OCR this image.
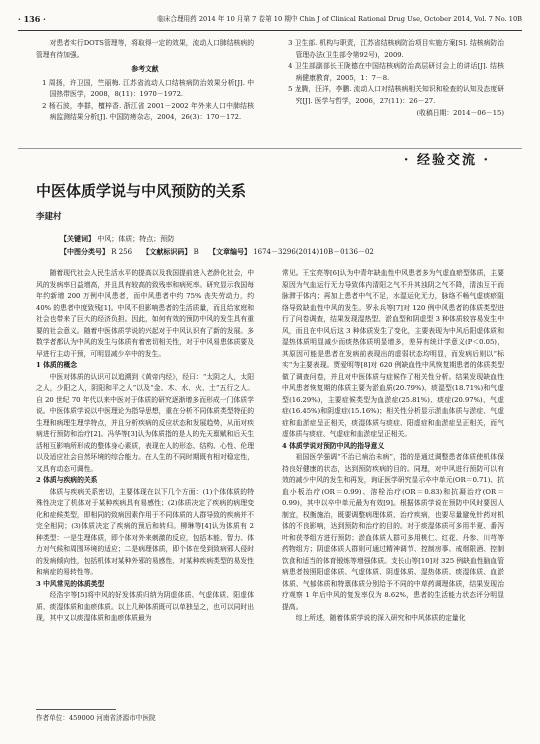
· 136 ·	临床合理用药 2014 年 10 月第 7 卷第 10 期中 Chin J of Clinical Rational Drug Use, October 2014, Vol. 7 No. 10B

对患者实行DOTS管理等，将取得一定的效果，流动人口肺结核病的管理有待加强。

参考文献

1 周扬，许卫国，竺丽梅. 江苏省流动人口结核病防治效果分析[J]. 中国热带医学，2008，8(11)：1970－1972.

2 杨石波，李群，檀梓香. 浙江省 2001－2002 年外来人口中肺结核病监测结果分析[J]. 中国防痨杂志，2004，26(3)：170－172.

3 卫生部. 机构与职责，江苏省结核病防治项目实施方案[S]. 结核病防治管理办法(卫生部令第92号)，2009.

4 卫生部副部长王陇德在中国结核病防治高层研讨会上的讲话[J]. 结核病健康教育，2005，1：7－8.

5 龙腾，汪洋，李鹏. 流动人口对结核病相关知识和检查的认知及态度研究[J]. 医学与哲学，2006，27(11)：26－27.

(收稿日期：2014－06－15)

· 经验交流 ·
中医体质学说与中风预防的关系
李建村
【关键词】 中风；体质；特点；预防
【中图分类号】 R 256 【文献标识码】 B 【文章编号】 1674－3296(2014)10B－0136－02

随着现代社会人民生活水平的提高以及我国提前进入老龄化社会，中风的发病率日益增高，并且具有较高的致残率和病死率。研究显示我国每年约新增 200 万例中风患者，而中风患者中约 75% 丧失劳动力，约 40% 的患者中度致残[1]。中风不但影响患者的生活质量，而且给家庭和社会也带来了巨大的经济负担。因此，如何有效的预防中风的发生具有重要的社会意义。随着中医体质学说的兴起对于中风认识有了新的发展。多数学者都认为中风的发生与体质有着密切相关性，对于中风易患体质要及早进行主动干预，可明显减少卒中的发生。

1 体质的概念

中医对体质的认识可以追溯到《黄帝内经》，经曰：“太阴之人，太阳之人，少阳之人，阴阳和平之人”以及“金、木、水、火、土”五行之人。自 20 世纪 70 年代以来中医对于体质的研究逐渐增多而形成一门体质学说。中医体质学说以中医理论为指导思想，重在分析不同体质类型特征的生理和病理生理学特点，并且分析疾病的反应状态和发展趋势，从而对疾病进行预防和治疗[2]。冯华等[3]认为体质指的是人的先天禀赋和后天生活相互影响所形成的整体身心素质，表现在人的形态、结构、心性、伦理以及适应社会自然环境的综合能力。在人生的不同时期既有相对稳定性，又具有动态可调性。

2 体质与疾病的关系

体质与疾病关系密切，主要体现在以下几个方面：(1)个体体质的特殊性决定了机体对于某种疾病具有易感性；(2)体质决定了疾病的病理变化和症候类型，即相同的致病因素作用于不同体质的人群导致的疾病并不完全相同；(3)体质决定了疾病的预后和转归。柳琳等[4]认为体质有 2 种类型：一是生理体质，即个体对外来刺激的反应，包括本能、智力、体力对气候和周围环境的适应；二是病理体质，即个体在受到致病邪人侵时的发病倾向性，包括机体对某种外邪的易感性、对某种疾病类型的易发性和病症的易转性等。

3 中风常见的体质类型

经浩宇等[5]将中风的好发体质归纳为阴虚体质、气虚体质、阳虚体质、痰湿体质和血瘀体质。以上几种体质既可以单独呈之，也可以同时出现，其中又以痰湿体质和血瘀体质最为

常见。王宝亮等[6]认为中青年缺血性中风患者多为气虚血瘀型体质，主要原因为气血运行无力导致体内清阳之气不升其浊阴之气不降，清浊互干而脉滞于体内；再加上患者中气不足，水湿运化无力，脉络不畅气虚痰瘀阻络导致缺血性中风的发生。罗永兵等[7]对 120 例中风患者的体质类型进行了问卷调查，结果发现湿热型、淤血型和阴虚型 3 种体质较容易发生中风，而且在中风后这 3 种体质发生了变化，主要表现为中风后阳虚体质和湿热体质明显减少而痰热体质明显增多，差异有统计学意义(P＜0.05)，其原因可能是患者在发病前表现出的虚弱状态均明显，而发病后则以“标实”为主要表现。贾爱明等[8]对 620 例缺血性中风恢复期患者的体质类型做了调查问卷，并且对中医体质与症候作了相关性分析。结果发现缺血性中风患者恢复期的体质主要为淤血质(20.79%)、痰湿型(18.71%)和气虚型(16.29%)，主要症候类型为血淤症(25.81%)、痰症(20.97%)、气虚症(16.45%)和阴虚症(15.16%)；相关性分析显示淤血体质与淤症、气虚症和血淤症呈正相关，痰湿体质与痰症、阳虚症和血淤症呈正相关，而气虚体质与痰症、气虚症和血淤症呈正相关。

4 体质学说对预防中风的指导意义

祖国医学强调“不治已病治未病”，指的是通过调整患者体质使机体保持良好健康的状态，达到预防疾病的目的。同理，对中风进行预防可以有效的减少中风的发生和再发，询证医学研究显示卒中单元(OR＝0.71)、抗血小板治疗(OR＝0.99)、溶栓治疗(OR＝0.83)和抗凝治疗(OR＝0.99)，其中以卒中单元最为有效[9]。根据体质学说在预防中风时要因人制宜，权衡施治，既要调整病理体质、治疗疾病，也要尽量避免针药对机体的不良影响，达到预防和治疗的目的。对于痰湿体质可多用半夏、番泻叶和茯苓组方进行预防；淤血体质人群可多用桃仁、红花、丹参、川芎等药物组方；阴虚体质人群则可通过精神调节、控制房事、戒烟限酒、控制饮食和适当的体育锻炼等增强体质。支长山等[10]对 325 例缺血性脑血管病患者按照阳虚体质、气虚体质、阴虚体质、湿热体质、痰湿体质、血淤体质、气郁体质和特禀体质分别给予不同的中草药调理体质，结果发现治疗观察 1 年后中风的复发率仅为 8.62%，患者的生活能力状态评分明显提高。

综上所述，随着体质学说的深入研究和中风体质的定量化

作者单位：459000 河南省济源市中医院
